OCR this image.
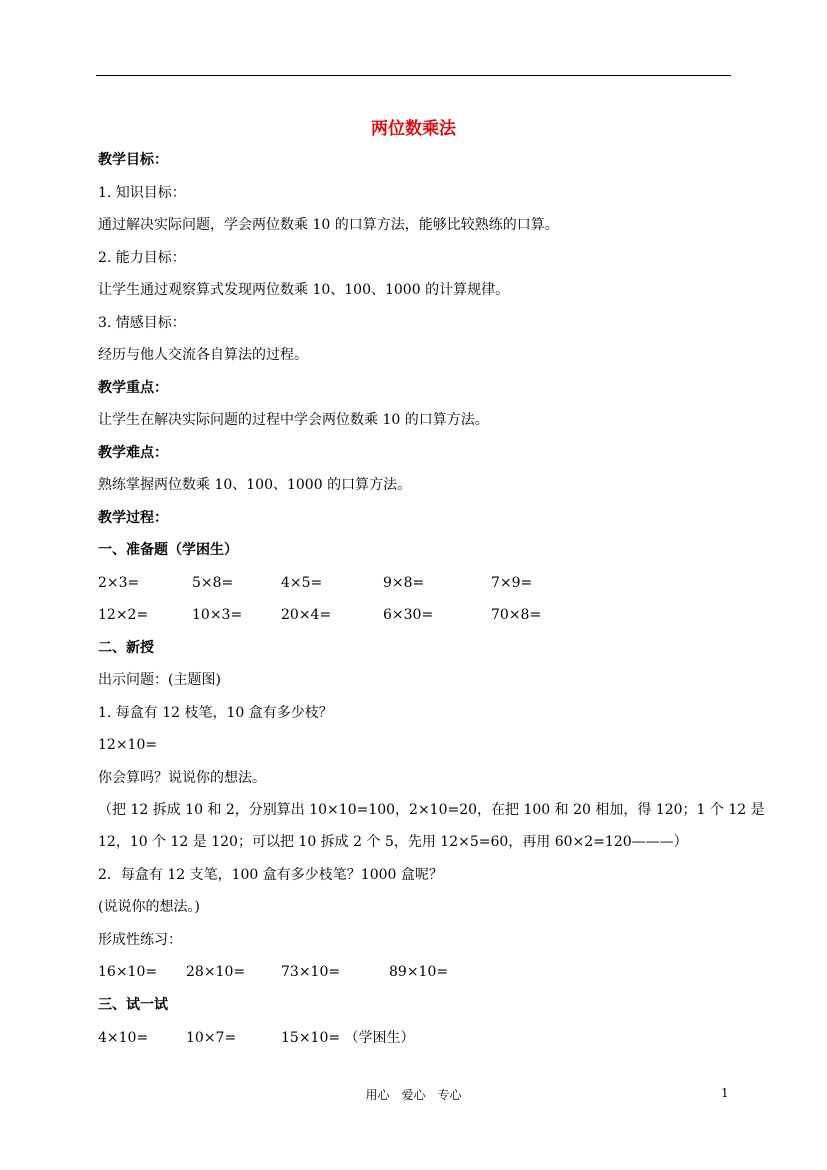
两位数乘法
教学目标：
1. 知识目标：
通过解决实际问题，学会两位数乘 10 的口算方法，能够比较熟练的口算。
2. 能力目标：
让学生通过观察算式发现两位数乘 10、100、1000 的计算规律。
3. 情感目标：
经历与他人交流各自算法的过程。
教学重点：
让学生在解决实际问题的过程中学会两位数乘 10 的口算方法。
教学难点：
熟练掌握两位数乘 10、100、1000 的口算方法。
教学过程：
一、准备题（学困生）
2×3=	5×8=	4×5=	9×8=	7×9=
12×2=	10×3=	20×4=	6×30=	70×8=
二、新授
出示问题：(主题图)
1. 每盒有 12 枝笔，10 盒有多少枝？
12×10=
你会算吗？说说你的想法。
（把 12 拆成 10 和 2，分别算出 10×10=100，2×10=20，在把 100 和 20 相加，得 120；1 个 12 是
12，10 个 12 是 120；可以把 10 拆成 2 个 5，先用 12×5=60，再用 60×2=120———）
2．每盒有 12 支笔，100 盒有多少枝笔？1000 盒呢？
(说说你的想法。)
形成性练习：
16×10= 28×10=	73×10=	89×10=
三、试一试
4×10=	10×7=	15×10= （学困生）
用心　爱心　专心	1
